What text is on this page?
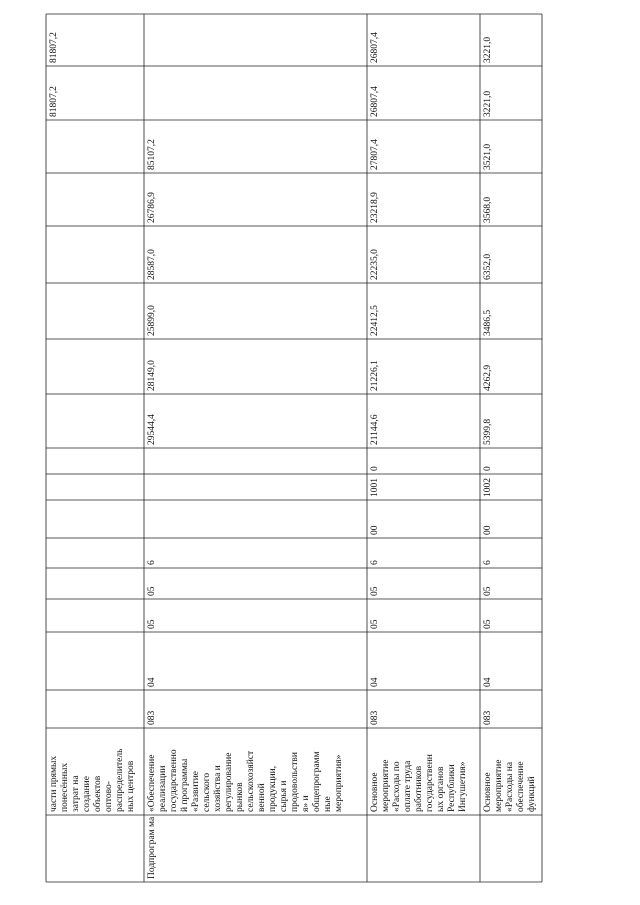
части прямых понесённых затрат на создание объектов оптово- распределитель ных центров
81807,2
81807,2
Подпрограм ма
«Обеспечение реализации государственно й программы «Развитие сельского хозяйства и регулирование рынков сельскохозяйст венной продукции, сырья и продовольстви я» и общепрограмм ные мероприятия»
083
04
05
05
6
29544,4
28149,0
25899,0
28587,0
26786,9
85107,2
Основное мероприятие «Расходы по оплате труда работников государственн ых органов Республики Ингушетия»
083
04
05
05
6
00
1001
0
21144,6
21226,1
22412,5
22235,0
23218,9
27807,4
26807,4
26807,4
Основное мероприятие «Расходы на обеспечение функций
083
04
05
05
6
00
1002
0
5399,8
4262,9
3486,5
6352,0
3568,0
3521,0
3221,0
3221,0
